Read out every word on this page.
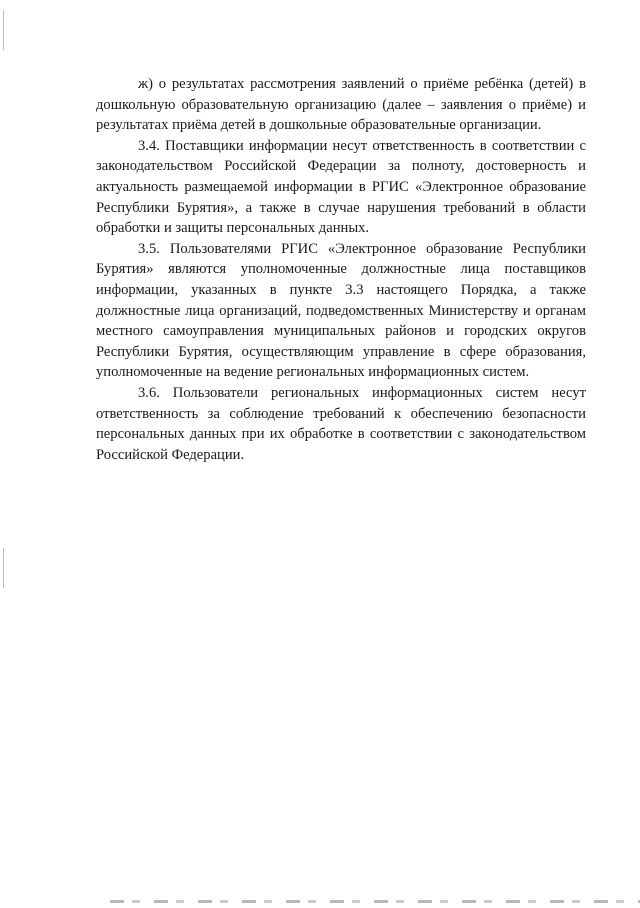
ж) о результатах рассмотрения заявлений о приёме ребёнка (детей) в дошкольную образовательную организацию (далее – заявления о приёме) и результатах приёма детей в дошкольные образовательные организации.

3.4. Поставщики информации несут ответственность в соответствии с законодательством Российской Федерации за полноту, достоверность и актуальность размещаемой информации в РГИС «Электронное образование Республики Бурятия», а также в случае нарушения требований в области обработки и защиты персональных данных.

3.5. Пользователями РГИС «Электронное образование Республики Бурятия» являются уполномоченные должностные лица поставщиков информации, указанных в пункте 3.3 настоящего Порядка, а также должностные лица организаций, подведомственных Министерству и органам местного самоуправления муниципальных районов и городских округов Республики Бурятия, осуществляющим управление в сфере образования, уполномоченные на ведение региональных информационных систем.

3.6. Пользователи региональных информационных систем несут ответственность за соблюдение требований к обеспечению безопасности персональных данных при их обработке в соответствии с законодательством Российской Федерации.
